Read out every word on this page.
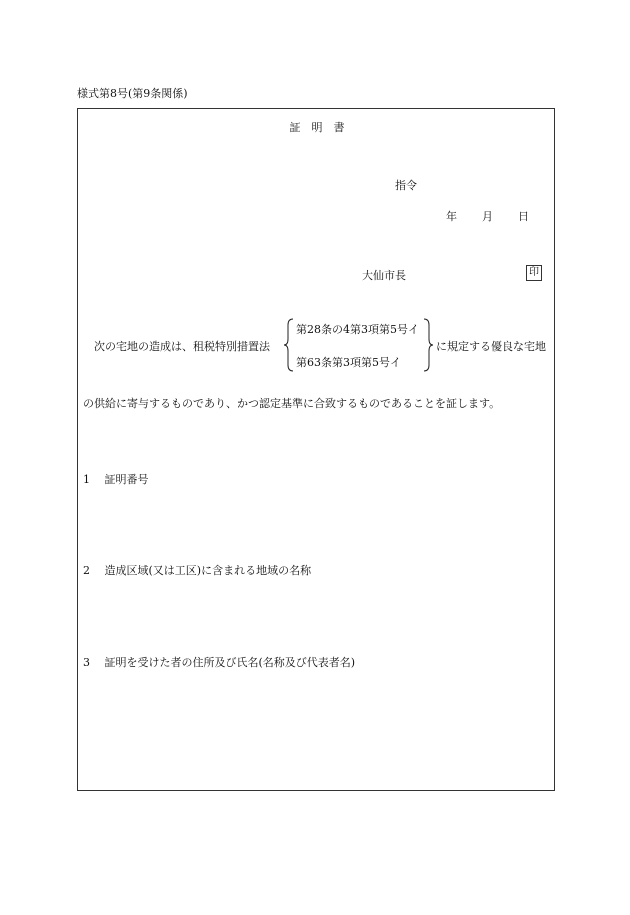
様式第8号(第9条関係)
証　明　書
指令
年 月 日
大仙市長	印
次の宅地の造成は、租税特別措置法
第28条の4第3項第5号イ
第63条第3項第5号イ
に規定する優良な宅地
の供給に寄与するものであり、かつ認定基準に合致するものであることを証します。
1 証明番号
2 造成区域(又は工区)に含まれる地域の名称
3 証明を受けた者の住所及び氏名(名称及び代表者名)
